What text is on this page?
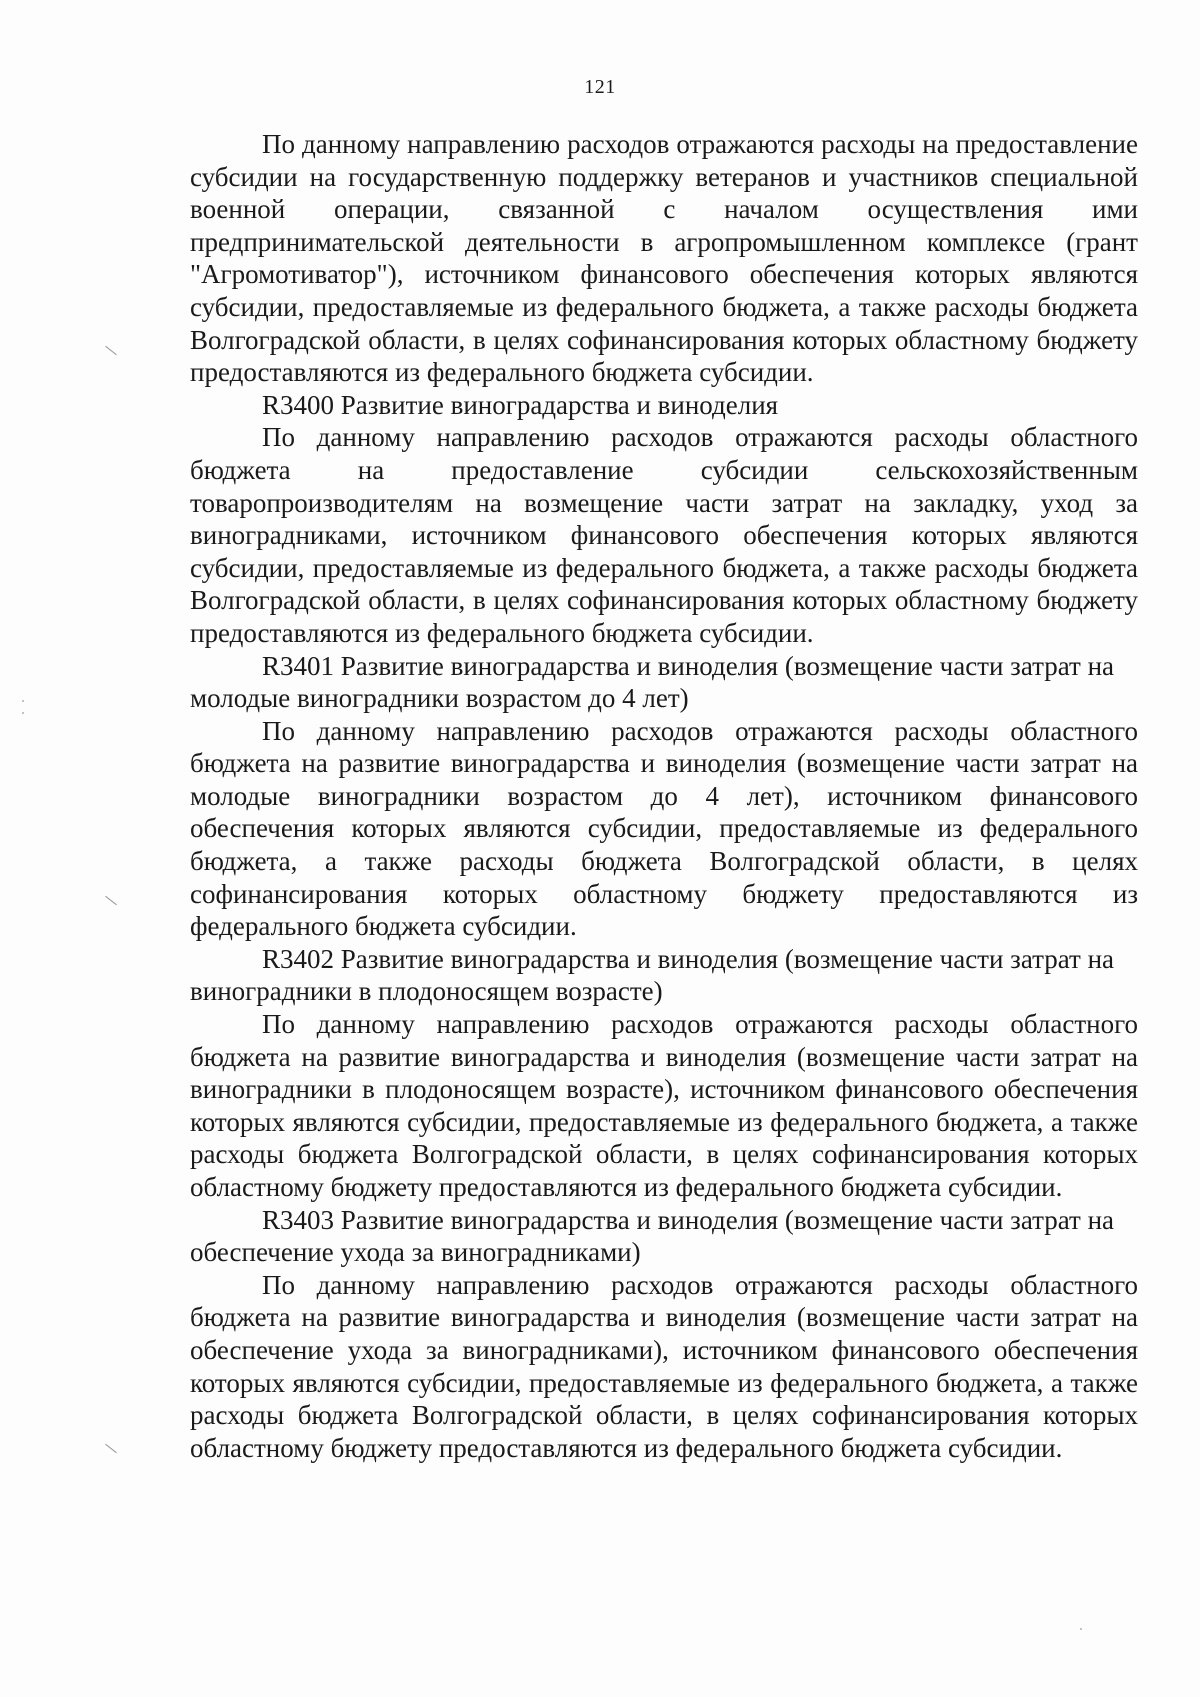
121

По данному направлению расходов отражаются расходы на предоставление субсидии на государственную поддержку ветеранов и участников специальной военной операции, связанной с началом осуществления ими предпринимательской деятельности в агропромышленном комплексе (грант "Агромотиватор"), источником финансового обеспечения которых являются субсидии, предоставляемые из федерального бюджета, а также расходы бюджета Волгоградской области, в целях софинансирования которых областному бюджету предоставляются из федерального бюджета субсидии.

R3400 Развитие виноградарства и виноделия

По данному направлению расходов отражаются расходы областного бюджета на предоставление субсидии сельскохозяйственным товаропроизводителям на возмещение части затрат на закладку, уход за виноградниками, источником финансового обеспечения которых являются субсидии, предоставляемые из федерального бюджета, а также расходы бюджета Волгоградской области, в целях софинансирования которых областному бюджету предоставляются из федерального бюджета субсидии.

R3401 Развитие виноградарства и виноделия (возмещение части затрат на молодые виноградники возрастом до 4 лет)

По данному направлению расходов отражаются расходы областного бюджета на развитие виноградарства и виноделия (возмещение части затрат на молодые виноградники возрастом до 4 лет), источником финансового обеспечения которых являются субсидии, предоставляемые из федерального бюджета, а также расходы бюджета Волгоградской области, в целях софинансирования которых областному бюджету предоставляются из федерального бюджета субсидии.

R3402 Развитие виноградарства и виноделия (возмещение части затрат на виноградники в плодоносящем возрасте)

По данному направлению расходов отражаются расходы областного бюджета на развитие виноградарства и виноделия (возмещение части затрат на виноградники в плодоносящем возрасте), источником финансового обеспечения которых являются субсидии, предоставляемые из федерального бюджета, а также расходы бюджета Волгоградской области, в целях софинансирования которых областному бюджету предоставляются из федерального бюджета субсидии.

R3403 Развитие виноградарства и виноделия (возмещение части затрат на обеспечение ухода за виноградниками)

По данному направлению расходов отражаются расходы областного бюджета на развитие виноградарства и виноделия (возмещение части затрат на обеспечение ухода за виноградниками), источником финансового обеспечения которых являются субсидии, предоставляемые из федерального бюджета, а также расходы бюджета Волгоградской области, в целях софинансирования которых областному бюджету предоставляются из федерального бюджета субсидии.
